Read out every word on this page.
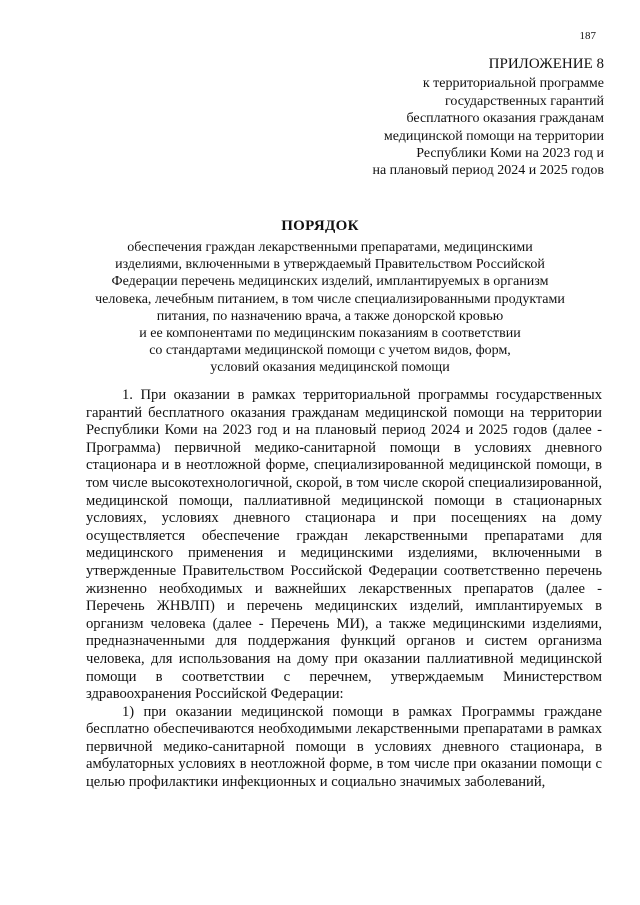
187
ПРИЛОЖЕНИЕ 8
к территориальной программе
государственных гарантий
бесплатного оказания гражданам
медицинской помощи на территории
Республики Коми на 2023 год и
на плановый период 2024 и 2025 годов
ПОРЯДОК
обеспечения граждан лекарственными препаратами, медицинскими
изделиями, включенными в утверждаемый Правительством Российской
Федерации перечень медицинских изделий, имплантируемых в организм
человека, лечебным питанием, в том числе специализированными продуктами
питания, по назначению врача, а также донорской кровью
и ее компонентами по медицинским показаниям в соответствии
со стандартами медицинской помощи с учетом видов, форм,
условий оказания медицинской помощи

1. При оказании в рамках территориальной программы государственных гарантий бесплатного оказания гражданам медицинской помощи на территории Республики Коми на 2023 год и на плановый период 2024 и 2025 годов (далее - Программа) первичной медико-санитарной помощи в условиях дневного стационара и в неотложной форме, специализированной медицинской помощи, в том числе высокотехнологичной, скорой, в том числе скорой специализированной, медицинской помощи, паллиативной медицинской помощи в стационарных условиях, условиях дневного стационара и при посещениях на дому осуществляется обеспечение граждан лекарственными препаратами для медицинского применения и медицинскими изделиями, включенными в утвержденные Правительством Российской Федерации соответственно перечень жизненно необходимых и важнейших лекарственных препаратов (далее - Перечень ЖНВЛП) и перечень медицинских изделий, имплантируемых в организм человека (далее - Перечень МИ), а также медицинскими изделиями, предназначенными для поддержания функций органов и систем организма человека, для использования на дому при оказании паллиативной медицинской помощи в соответствии с перечнем, утверждаемым Министерством здравоохранения Российской Федерации:

1) при оказании медицинской помощи в рамках Программы граждане бесплатно обеспечиваются необходимыми лекарственными препаратами в рамках первичной медико-санитарной помощи в условиях дневного стационара, в амбулаторных условиях в неотложной форме, в том числе при оказании помощи с целью профилактики инфекционных и социально значимых заболеваний,
